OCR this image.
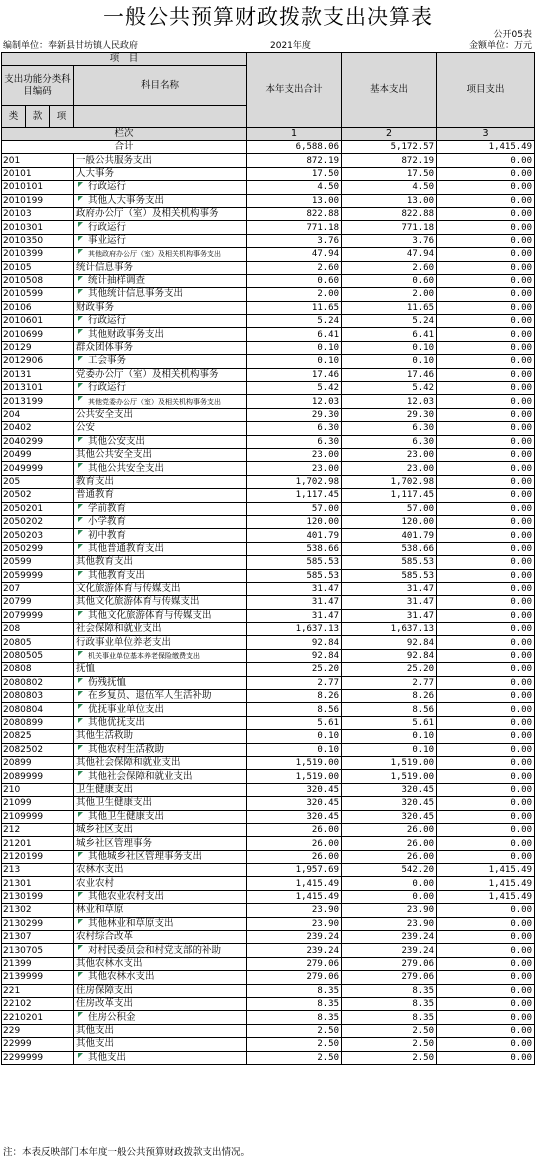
一般公共预算财政拨款支出决算表
公开05表
编制单位：奉新县甘坊镇人民政府	2021年度	金额单位：万元
项　目				本年支出合计	基本支出	项目支出
支出功能分类科目编码			科目名称			

类	款	项				
栏次				1	2	3
合计				6,588.06	5,172.57	1,415.49
201			一般公共服务支出	872.19	872.19	0.00
20101			人大事务	17.50	17.50	0.00
2010101			行政运行	4.50	4.50	0.00
2010199			其他人大事务支出	13.00	13.00	0.00
20103			政府办公厅（室）及相关机构事务	822.88	822.88	0.00
2010301			行政运行	771.18	771.18	0.00
2010350			事业运行	3.76	3.76	0.00
2010399			其他政府办公厅（室）及相关机构事务支出	47.94	47.94	0.00
20105			统计信息事务	2.60	2.60	0.00
2010508			统计抽样调查	0.60	0.60	0.00
2010599			其他统计信息事务支出	2.00	2.00	0.00
20106			财政事务	11.65	11.65	0.00
2010601			行政运行	5.24	5.24	0.00
2010699			其他财政事务支出	6.41	6.41	0.00
20129			群众团体事务	0.10	0.10	0.00
2012906			工会事务	0.10	0.10	0.00
20131			党委办公厅（室）及相关机构事务	17.46	17.46	0.00
2013101			行政运行	5.42	5.42	0.00
2013199			其他党委办公厅（室）及相关机构事务支出	12.03	12.03	0.00
204			公共安全支出	29.30	29.30	0.00
20402			公安	6.30	6.30	0.00
2040299			其他公安支出	6.30	6.30	0.00
20499			其他公共安全支出	23.00	23.00	0.00
2049999			其他公共安全支出	23.00	23.00	0.00
205			教育支出	1,702.98	1,702.98	0.00
20502			普通教育	1,117.45	1,117.45	0.00
2050201			学前教育	57.00	57.00	0.00
2050202			小学教育	120.00	120.00	0.00
2050203			初中教育	401.79	401.79	0.00
2050299			其他普通教育支出	538.66	538.66	0.00
20599			其他教育支出	585.53	585.53	0.00
2059999			其他教育支出	585.53	585.53	0.00
207			文化旅游体育与传媒支出	31.47	31.47	0.00
20799			其他文化旅游体育与传媒支出	31.47	31.47	0.00
2079999			其他文化旅游体育与传媒支出	31.47	31.47	0.00
208			社会保障和就业支出	1,637.13	1,637.13	0.00
20805			行政事业单位养老支出	92.84	92.84	0.00
2080505			机关事业单位基本养老保险缴费支出	92.84	92.84	0.00
20808			抚恤	25.20	25.20	0.00
2080802			伤残抚恤	2.77	2.77	0.00
2080803			在乡复员、退伍军人生活补助	8.26	8.26	0.00
2080804			优抚事业单位支出	8.56	8.56	0.00
2080899			其他优抚支出	5.61	5.61	0.00
20825			其他生活救助	0.10	0.10	0.00
2082502			其他农村生活救助	0.10	0.10	0.00
20899			其他社会保障和就业支出	1,519.00	1,519.00	0.00
2089999			其他社会保障和就业支出	1,519.00	1,519.00	0.00
210			卫生健康支出	320.45	320.45	0.00
21099			其他卫生健康支出	320.45	320.45	0.00
2109999			其他卫生健康支出	320.45	320.45	0.00
212			城乡社区支出	26.00	26.00	0.00
21201			城乡社区管理事务	26.00	26.00	0.00
2120199			其他城乡社区管理事务支出	26.00	26.00	0.00
213			农林水支出	1,957.69	542.20	1,415.49
21301			农业农村	1,415.49	0.00	1,415.49
2130199			其他农业农村支出	1,415.49	0.00	1,415.49
21302			林业和草原	23.90	23.90	0.00
2130299			其他林业和草原支出	23.90	23.90	0.00
21307			农村综合改革	239.24	239.24	0.00
2130705			对村民委员会和村党支部的补助	239.24	239.24	0.00
21399			其他农林水支出	279.06	279.06	0.00
2139999			其他农林水支出	279.06	279.06	0.00
221			住房保障支出	8.35	8.35	0.00
22102			住房改革支出	8.35	8.35	0.00
2210201			住房公积金	8.35	8.35	0.00
229			其他支出	2.50	2.50	0.00
22999			其他支出	2.50	2.50	0.00
2299999			其他支出	2.50	2.50	0.00
注：本表反映部门本年度一般公共预算财政拨款支出情况。
